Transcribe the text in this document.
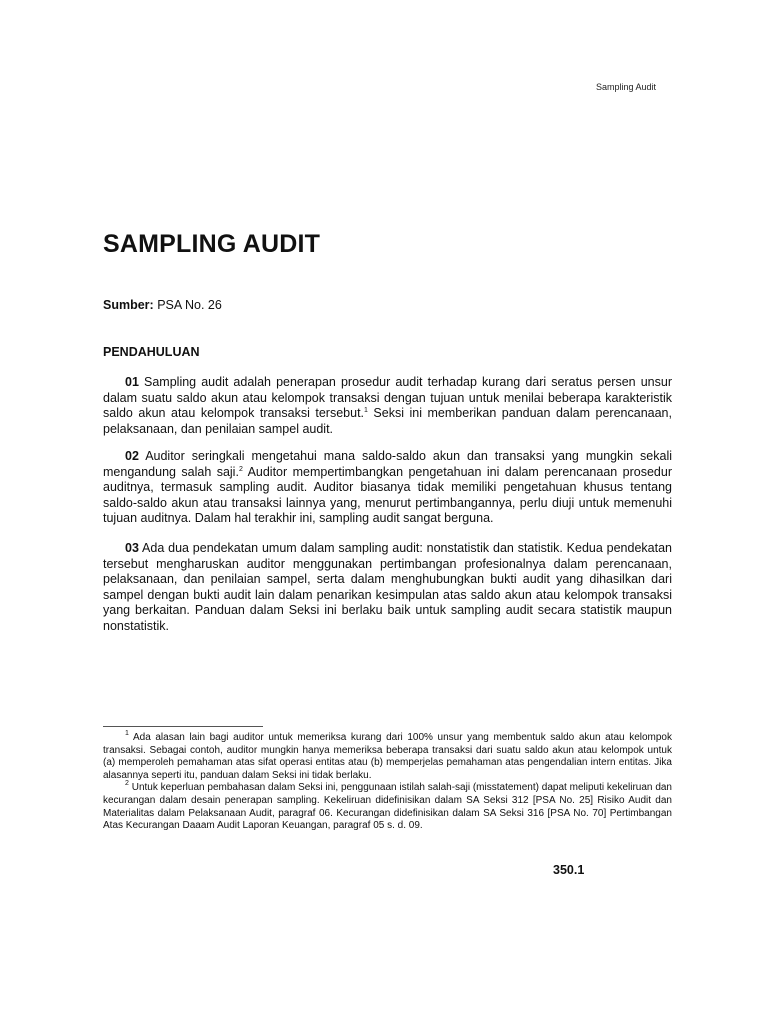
Sampling Audit
SAMPLING AUDIT
Sumber: PSA No. 26
PENDAHULUAN

01 Sampling audit adalah penerapan prosedur audit terhadap kurang dari seratus persen unsur dalam suatu saldo akun atau kelompok transaksi dengan tujuan untuk menilai beberapa karakteristik saldo akun atau kelompok transaksi tersebut.$^1$ Seksi ini memberikan panduan dalam perencanaan, pelaksanaan, dan penilaian sampel audit.

02 Auditor seringkali mengetahui mana saldo-saldo akun dan transaksi yang mungkin sekali mengandung salah saji.$^2$ Auditor mempertimbangkan pengetahuan ini dalam perencanaan prosedur auditnya, termasuk sampling audit. Auditor biasanya tidak memiliki pengetahuan khusus tentang saldo-saldo akun atau transaksi lainnya yang, menurut pertimbangannya, perlu diuji untuk memenuhi tujuan auditnya. Dalam hal terakhir ini, sampling audit sangat berguna.

03 Ada dua pendekatan umum dalam sampling audit: nonstatistik dan statistik. Kedua pendekatan tersebut mengharuskan auditor menggunakan pertimbangan profesionalnya dalam perencanaan, pelaksanaan, dan penilaian sampel, serta dalam menghubungkan bukti audit yang dihasilkan dari sampel dengan bukti audit lain dalam penarikan kesimpulan atas saldo akun atau kelompok transaksi yang berkaitan. Panduan dalam Seksi ini berlaku baik untuk sampling audit secara statistik maupun nonstatistik.

$^1$ Ada alasan lain bagi auditor untuk memeriksa kurang dari 100% unsur yang membentuk saldo akun atau kelompok transaksi. Sebagai contoh, auditor mungkin hanya memeriksa beberapa transaksi dari suatu saldo akun atau kelompok untuk (a) memperoleh pemahaman atas sifat operasi entitas atau (b) memperjelas pemahaman atas pengendalian intern entitas. Jika alasannya seperti itu, panduan dalam Seksi ini tidak berlaku.

$^2$ Untuk keperluan pembahasan dalam Seksi ini, penggunaan istilah salah-saji (misstatement) dapat meliputi kekeliruan dan kecurangan dalam desain penerapan sampling. Kekeliruan didefinisikan dalam SA Seksi 312 [PSA No. 25] Risiko Audit dan Materialitas dalam Pelaksanaan Audit, paragraf 06. Kecurangan didefinisikan dalam SA Seksi 316 [PSA No. 70] Pertimbangan Atas Kecurangan Daaam Audit Laporan Keuangan, paragraf 05 s. d. 09.

350.1
